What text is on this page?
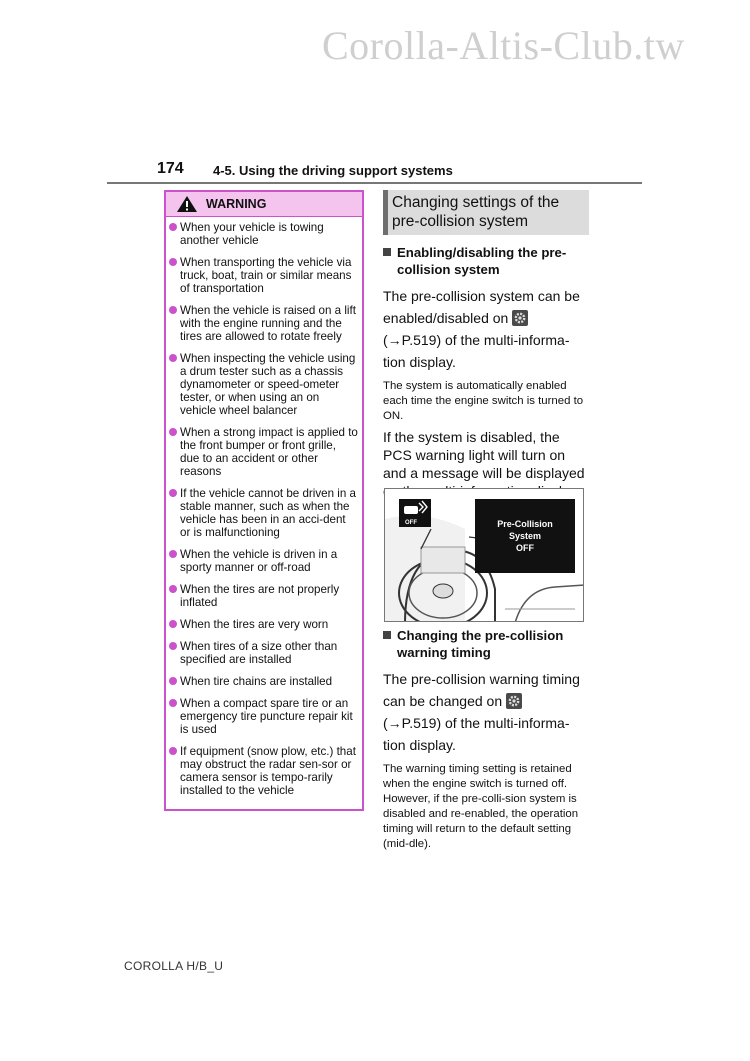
Corolla-Altis-Club.tw
174 4-5. Using the driving support systems
WARNING
When your vehicle is towing another vehicle
When transporting the vehicle via truck, boat, train or similar means of transportation
When the vehicle is raised on a lift with the engine running and the tires are allowed to rotate freely
When inspecting the vehicle using a drum tester such as a chassis dynamometer or speed-ometer tester, or when using an on vehicle wheel balancer
When a strong impact is applied to the front bumper or front grille, due to an accident or other reasons
If the vehicle cannot be driven in a stable manner, such as when the vehicle has been in an acci-dent or is malfunctioning
When the vehicle is driven in a sporty manner or off-road
When the tires are not properly inflated
When the tires are very worn
When tires of a size other than specified are installed
When tire chains are installed
When a compact spare tire or an emergency tire puncture repair kit is used
If equipment (snow plow, etc.) that may obstruct the radar sen-sor or camera sensor is tempo-rarily installed to the vehicle
Changing settings of the pre-collision system
Enabling/disabling the pre-collision system

The pre-collision system can be enabled/disabled on

(→P.519) of the multi-informa-tion display.

The system is automatically enabled each time the engine switch is turned to ON.

If the system is disabled, the PCS warning light will turn on and a message will be displayed

OFF	Pre-Collision
System
OFF
Changing the pre-collision warning timing

The pre-collision warning timing can be changed on

(→P.519) of the multi-informa-tion display.

The warning timing setting is retained when the engine switch is turned off. However, if the pre-colli-sion system is disabled and re-enabled, the operation timing will return to the default setting (mid-dle).

COROLLA H/B_U
